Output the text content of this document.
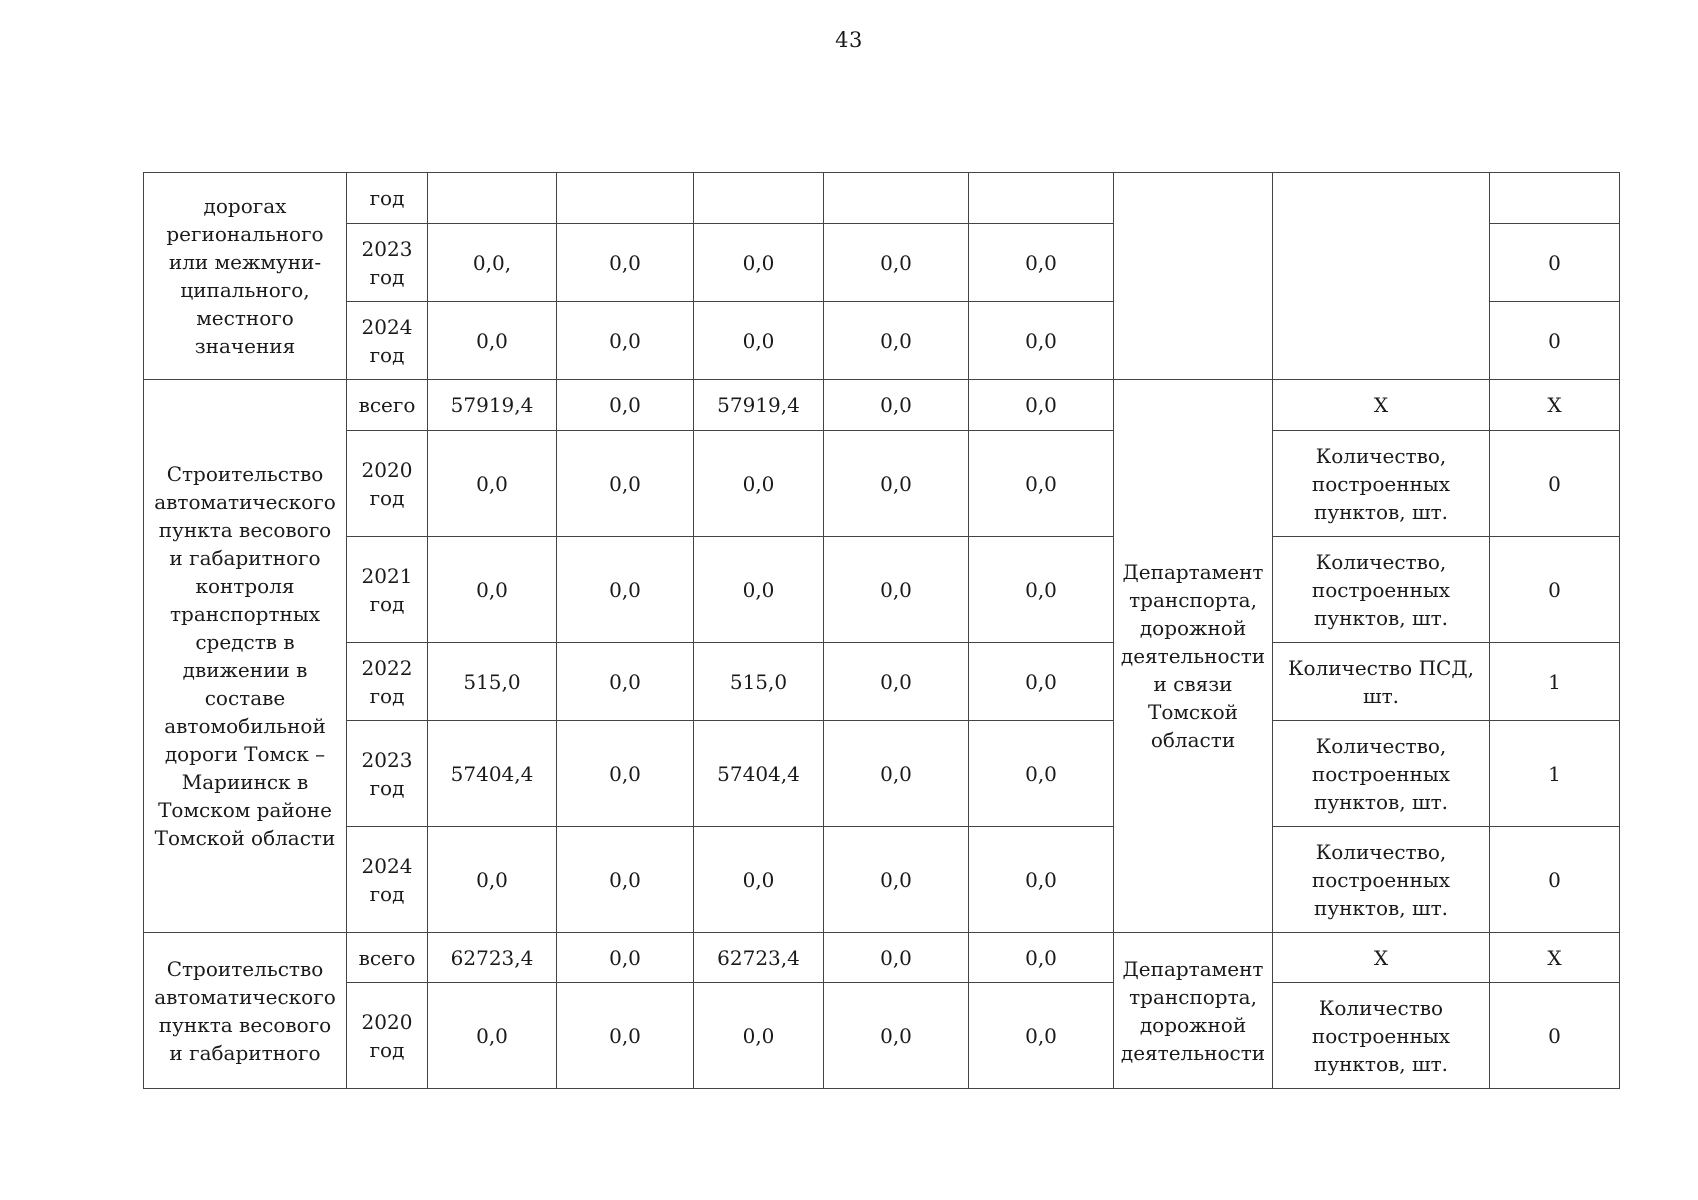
43
дорогах регионального или межмуни-ципального, местного значения	год								
	2023 год	0,0,	0,0	0,0	0,0	0,0			0
	2024 год	0,0	0,0	0,0	0,0	0,0			0
Строительство автоматического пункта весового и габаритного контроля транспортных средств в движении в составе автомобильной дороги Томск – Мариинск в Томском районе Томской области	всего	57919,4	0,0	57919,4	0,0	0,0	Департамент транспорта, дорожной деятельности и связи Томской области	Х	Х
	2020 год	0,0	0,0	0,0	0,0	0,0		Количество, построенных пунктов, шт.	0
	2021 год	0,0	0,0	0,0	0,0	0,0		Количество, построенных пунктов, шт.	0
	2022 год	515,0	0,0	515,0	0,0	0,0		Количество ПСД, шт.	1
	2023 год	57404,4	0,0	57404,4	0,0	0,0		Количество, построенных пунктов, шт.	1
	2024 год	0,0	0,0	0,0	0,0	0,0		Количество, построенных пунктов, шт.	0
Строительство автоматического пункта весового и габаритного	всего	62723,4	0,0	62723,4	0,0	0,0	Департамент транспорта, дорожной деятельности	Х	Х
	2020 год	0,0	0,0	0,0	0,0	0,0		Количество построенных пунктов, шт.	0
